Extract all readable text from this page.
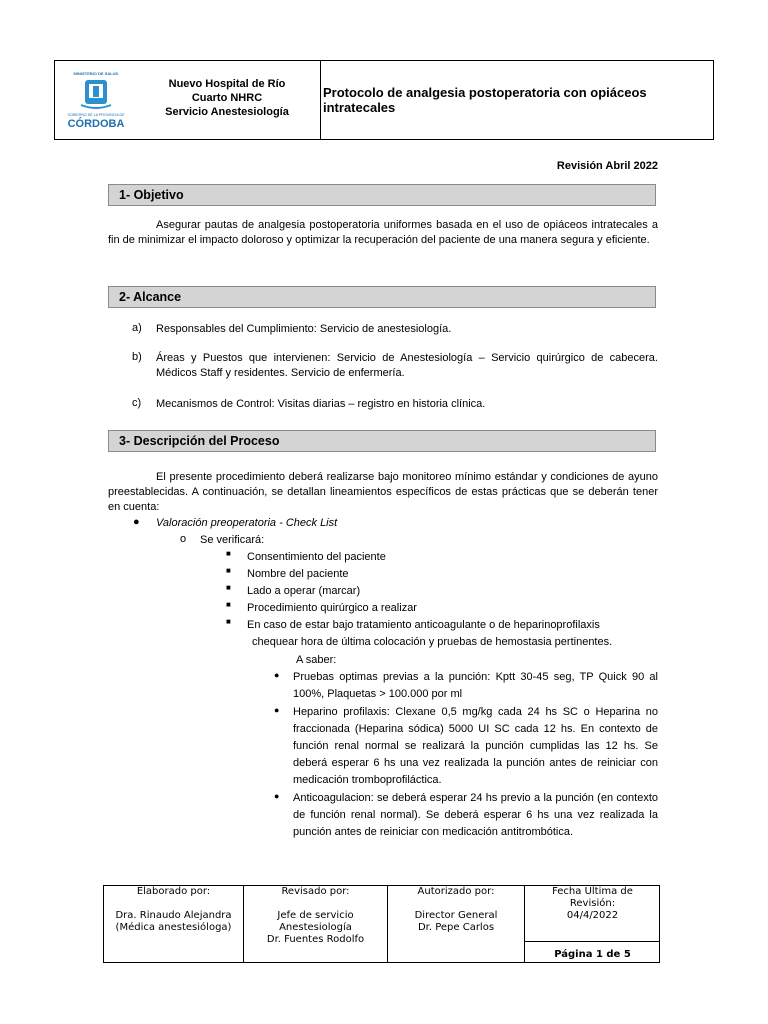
MINISTERIO DE SALUD
GOBIERNO DE LA PROVINCIA DE
CÓRDOBA
Nuevo Hospital de Río
Cuarto NHRC
Servicio Anestesiología
Protocolo de analgesia postoperatoria con opiáceos intratecales
Revisión Abril 2022
1- Objetivo
Asegurar pautas de analgesia postoperatoria uniformes basada en el uso de opiáceos intratecales a fin de minimizar el impacto doloroso y optimizar la recuperación del paciente de una manera segura y eficiente.
2- Alcance
a) Responsables del Cumplimiento: Servicio de anestesiología.
b) Áreas y Puestos que intervienen: Servicio de Anestesiología – Servicio quirúrgico de cabecera. Médicos Staff y residentes. Servicio de enfermería.
c) Mecanismos de Control: Visitas diarias – registro en historia clínica.
3- Descripción del Proceso
El presente procedimiento deberá realizarse bajo monitoreo mínimo estándar y condiciones de ayuno preestablecidas. A continuación, se detallan lineamientos específicos de estas prácticas que se deberán tener en cuenta:
● Valoración preoperatoria - Check List
o Se verificará:
■ Consentimiento del paciente
■ Nombre del paciente
■ Lado a operar (marcar)
■ Procedimiento quirúrgico a realizar
■ En caso de estar bajo tratamiento anticoagulante o de heparinoprofilaxis
chequear hora de última colocación y pruebas de hemostasia pertinentes.
A saber:
● Pruebas optimas previas a la punción: Kptt 30-45 seg, TP Quick 90 al 100%, Plaquetas > 100.000 por ml
● Heparino profilaxis: Clexane 0,5 mg/kg cada 24 hs SC o Heparina no fraccionada (Heparina sódica) 5000 UI SC cada 12 hs. En contexto de función renal normal se realizará la punción cumplidas las 12 hs. Se deberá esperar 6 hs una vez realizada la punción antes de reiniciar con medicación tromboprofiláctica.
● Anticoagulacion: se deberá esperar 24 hs previo a la punción (en contexto de función renal normal). Se deberá esperar 6 hs una vez realizada la punción antes de reiniciar con medicación antitrombótica.
Elaborado por:
Dra. Rinaudo Alejandra
(Médica anestesióloga)
Revisado por:
Jefe de servicio
Anestesiología
Dr. Fuentes Rodolfo
Autorizado por:
Director General
Dr. Pepe Carlos
Fecha Ultima de
Revisión:
04/4/2022
Página 1 de 5
